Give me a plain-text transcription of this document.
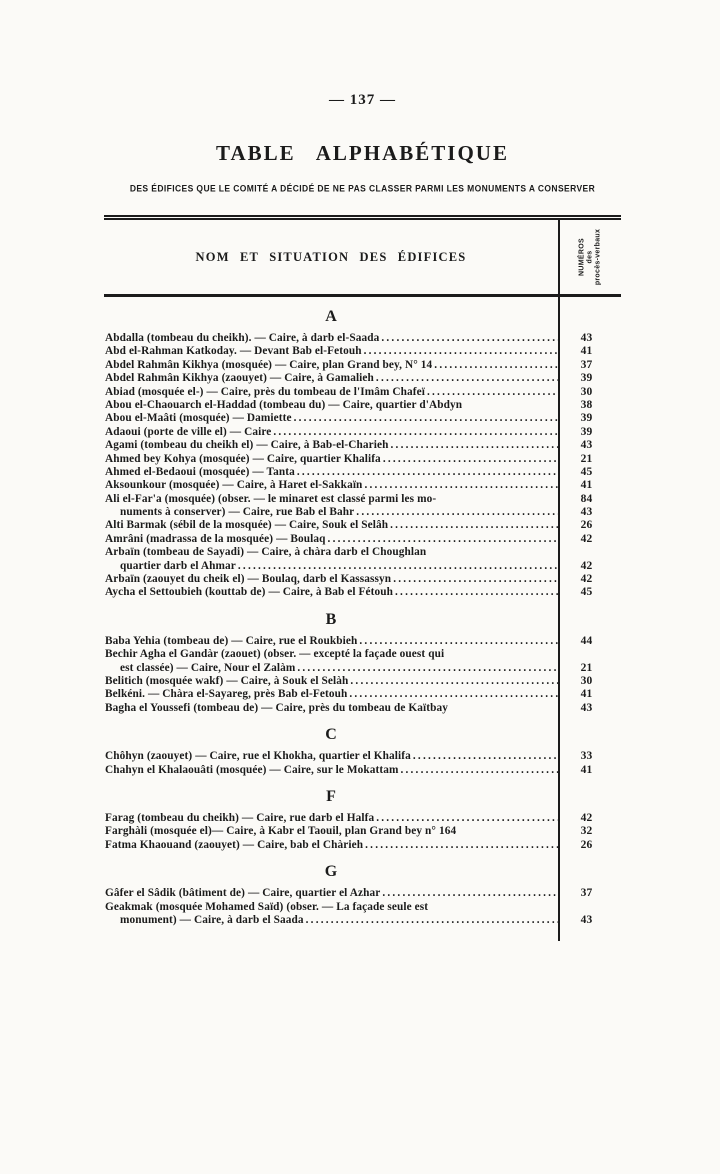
— 137 —
TABLE ALPHABÉTIQUE
DES ÉDIFICES QUE LE COMITÉ A DÉCIDÉ DE NE PAS CLASSER PARMI LES MONUMENTS A CONSERVER
NOM ET SITUATION DES ÉDIFICES	NUMÉROS des procès-verbaux
A
Abdalla (tombeau du cheikh). — Caire, à darb el-Saada .....	43
Abd el-Rahman Katkoday. — Devant Bab el-Fetouh .....	41
Abdel Rahmân Kikhya (mosquée) — Caire, plan Grand bey, N° 14 .....	37
Abdel Rahmân Kikhya (zaouyet) — Caire, à Gamalieh .....	39
Abiad (mosquée el-) — Caire, près du tombeau de l'Imâm Chafeï .....	30
Abou el-Chaouarch el-Haddad (tombeau du) — Caire, quartier d'Abdyn	38
Abou el-Maâti (mosquée) — Damiette .....	39
Adaoui (porte de ville el) — Caire .....	39
Agami (tombeau du cheikh el) — Caire, à Bab-el-Charieh .....	43
Ahmed bey Kohya (mosquée) — Caire, quartier Khalifa .....	21
Ahmed el-Bedaoui (mosquée) — Tanta .....	45
Aksounkour (mosquée) — Caire, à Haret el-Sakkaïn .....	41
Ali el-Far'a (mosquée) (obser. — le minaret est classé parmi les mo-	84
numents à conserver) — Caire, rue Bab el Bahr .....	43
Alti Barmak (sébil de la mosquée) — Caire, Souk el Selâh .....	26
Amrâni (madrassa de la mosquée) — Boulaq .....	42
Arbaïn (tombeau de Sayadi) — Caire, à chàra darb el Choughlan
quartier darb el Ahmar .....	42
Arbaïn (zaouyet du cheik el) — Boulaq, darb el Kassassyn .....	42
Aycha el Settoubieh (kouttab de) — Caire, à Bab el Fétouh .....	45
B
Baba Yehia (tombeau de) — Caire, rue el Roukbieh .....	44
Bechir Agha el Gandàr (zaouet) (obser. — excepté la façade ouest qui
est classée) — Caire, Nour el Zalàm .....	21
Belitich (mosquée wakf) — Caire, à Souk el Selàh .....	30
Belkéni. — Chàra el-Sayareg, près Bab el-Fetouh .....	41
Bagha el Youssefi (tombeau de) — Caire, près du tombeau de Kaïtbay	43
C
Chôhyn (zaouyet) — Caire, rue el Khokha, quartier el Khalifa .....	33
Chahyn el Khalaouâti (mosquée) — Caire, sur le Mokattam .....	41
F
Farag (tombeau du cheikh) — Caire, rue darb el Halfa .....	42
Farghàli (mosquée el)— Caire, à Kabr el Taouil, plan Grand bey n° 164	32
Fatma Khaouand (zaouyet) — Caire, bab el Chàrieh .....	26
G
Gâfer el Sâdik (bâtiment de) — Caire, quartier el Azhar .....	37
Geakmak (mosquée Mohamed Saïd) (obser. — La façade seule est
monument) — Caire, à darb el Saada .....	43
